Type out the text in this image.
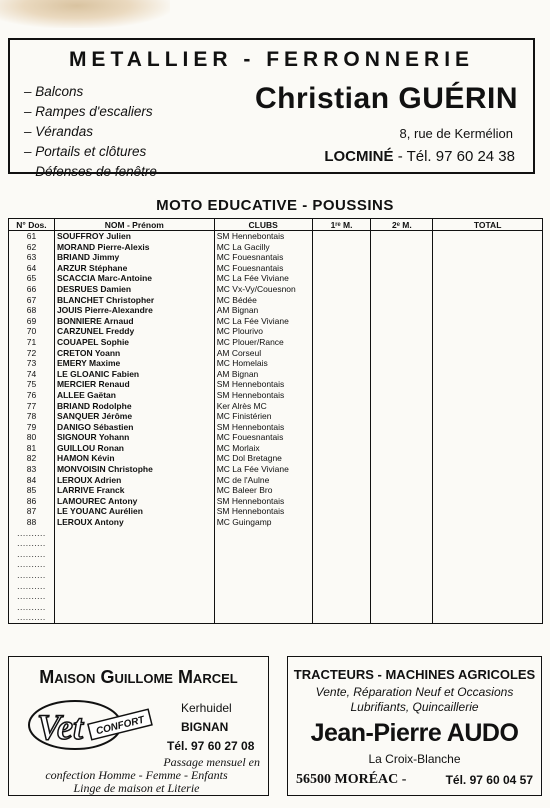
METALLIER - FERRONNERIE
– Balcons
– Rampes d'escaliers
– Vérandas
– Portails et clôtures
– Défenses de fenêtre
Christian GUÉRIN
8, rue de Kermélion
LOCMINÉ - Tél. 97 60 24 38
MOTO EDUCATIVE - POUSSINS
N° Dos.	NOM - Prénom	CLUBS	1ʳᵉ M.	2ᵉ M.	TOTAL
61	SOUFFROY Julien	SM Hennebontais			
62	MORAND Pierre-Alexis	MC La Gacilly			
63	BRIAND Jimmy	MC Fouesnantais			
64	ARZUR Stéphane	MC Fouesnantais			
65	SCACCIA Marc-Antoine	MC La Fée Viviane			
66	DESRUES Damien	MC Vx-Vy/Couesnon			
67	BLANCHET Christopher	MC Bédée			
68	JOUIS Pierre-Alexandre	AM Bignan			
69	BONNIERE Arnaud	MC La Fée Viviane			
70	CARZUNEL Freddy	MC Plourivo			
71	COUAPEL Sophie	MC Plouer/Rance			
72	CRETON Yoann	AM Corseul			
73	EMERY Maxime	MC Homelais			
74	LE GLOANIC Fabien	AM Bignan			
75	MERCIER Renaud	SM Hennebontais			
76	ALLEE Gaëtan	SM Hennebontais			
77	BRIAND Rodolphe	Ker Alrès MC			
78	SANQUER Jérôme	MC Finistérien			
79	DANIGO Sébastien	SM Hennebontais			
80	SIGNOUR Yohann	MC Fouesnantais			
81	GUILLOU Ronan	MC Morlaix			
82	HAMON Kévin	MC Dol Bretagne			
83	MONVOISIN Christophe	MC La Fée Viviane			
84	LEROUX Adrien	MC de l'Aulne			
85	LARRIVE Franck	MC Baleer Bro			
86	LAMOUREC Antony	SM Hennebontais			
87	LE YOUANC Aurélien	SM Hennebontais			
88	LEROUX Antony	MC Guingamp			
..........					
..........					
..........					
..........					
..........					
..........					
..........					
..........					
..........					
Maison Guillome Marcel
Vet CONFORT
Kerhuidel
BIGNAN
Tél. 97 60 27 08
Passage mensuel en
confection Homme - Femme - Enfants
Linge de maison et Literie
TRACTEURS - MACHINES AGRICOLES
Vente, Réparation Neuf et Occasions
Lubrifiants, Quincaillerie
Jean-Pierre AUDO
La Croix-Blanche
56500 MORÉAC -	Tél. 97 60 04 57
